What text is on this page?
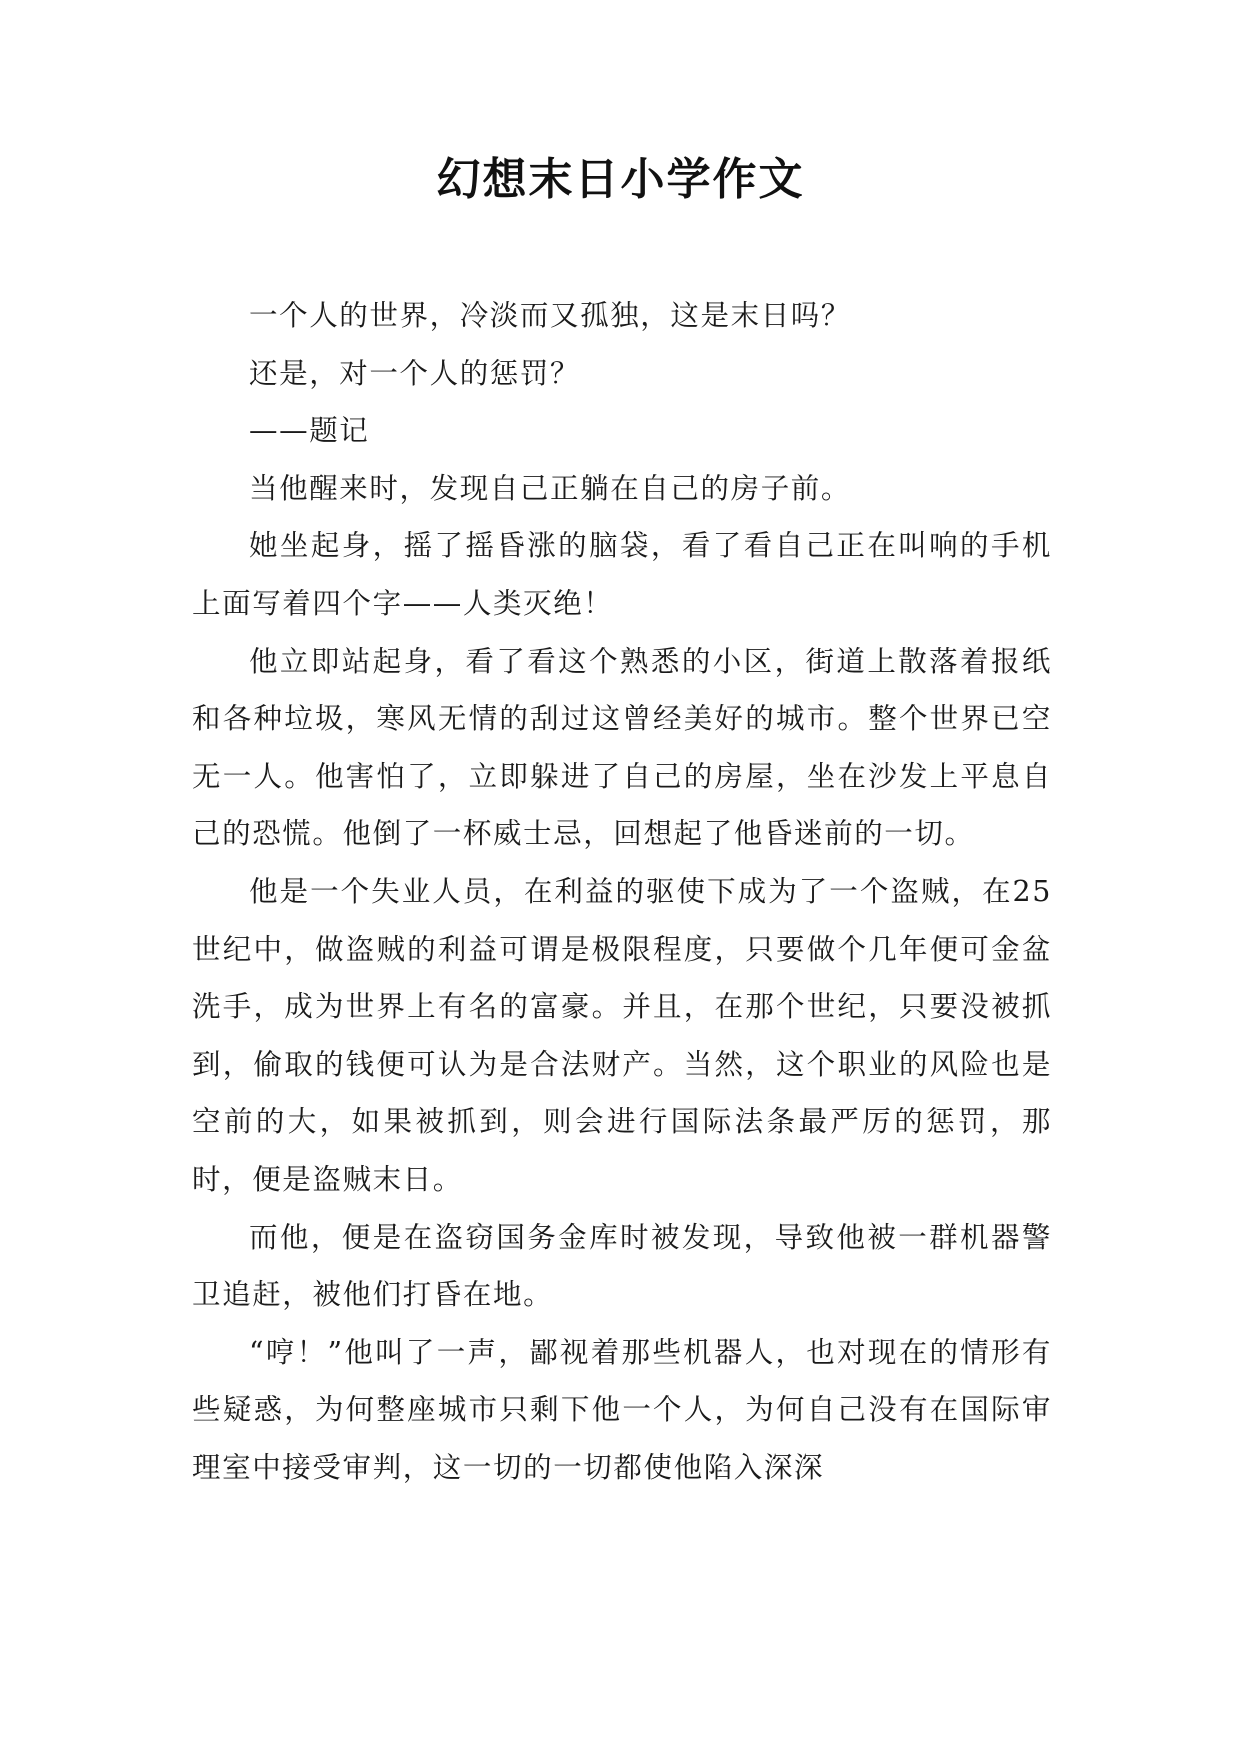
幻想末日小学作文

一个人的世界，冷淡而又孤独，这是末日吗？

还是，对一个人的惩罚？

——题记

当他醒来时，发现自己正躺在自己的房子前。

她坐起身，摇了摇昏涨的脑袋，看了看自己正在叫响的手机上面写着四个字——人类灭绝！

他立即站起身，看了看这个熟悉的小区，街道上散落着报纸和各种垃圾，寒风无情的刮过这曾经美好的城市。整个世界已空无一人。他害怕了，立即躲进了自己的房屋，坐在沙发上平息自己的恐慌。他倒了一杯威士忌，回想起了他昏迷前的一切。

他是一个失业人员，在利益的驱使下成为了一个盗贼，在25世纪中，做盗贼的利益可谓是极限程度，只要做个几年便可金盆洗手，成为世界上有名的富豪。并且，在那个世纪，只要没被抓到，偷取的钱便可认为是合法财产。当然，这个职业的风险也是空前的大，如果被抓到，则会进行国际法条最严厉的惩罚，那时，便是盗贼末日。

而他，便是在盗窃国务金库时被发现，导致他被一群机器警卫追赶，被他们打昏在地。

“哼！”他叫了一声，鄙视着那些机器人，也对现在的情形有些疑惑，为何整座城市只剩下他一个人，为何自己没有在国际审理室中接受审判，这一切的一切都使他陷入深深
